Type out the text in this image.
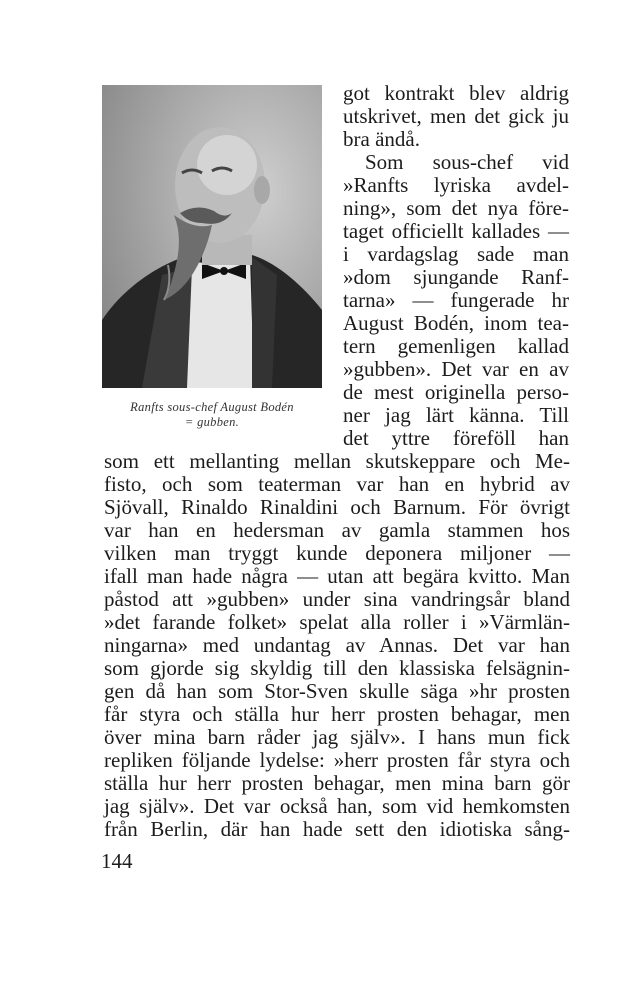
Ranfts sous-chef August Bodén
= gubben.
got kontrakt blev aldrig
utskrivet, men det gick ju
bra ändå.
Som sous-chef vid
»Ranfts lyriska avdel-
ning», som det nya före-
taget officiellt kallades —
i vardagslag sade man
»dom sjungande Ranf-
tarna» — fungerade hr
August Bodén, inom tea-
tern gemenligen kallad
»gubben». Det var en av
de mest originella perso-
ner jag lärt känna. Till
det yttre föreföll han
som ett mellanting mellan skutskeppare och Me-
fisto, och som teaterman var han en hybrid av
Sjövall, Rinaldo Rinaldini och Barnum. För övrigt
var han en hedersman av gamla stammen hos
vilken man tryggt kunde deponera miljoner —
ifall man hade några — utan att begära kvitto. Man
påstod att »gubben» under sina vandringsår bland
»det farande folket» spelat alla roller i »Värmlän-
ningarna» med undantag av Annas. Det var han
som gjorde sig skyldig till den klassiska felsägnin-
gen då han som Stor-Sven skulle säga »hr prosten
får styra och ställa hur herr prosten behagar, men
över mina barn råder jag själv». I hans mun fick
repliken följande lydelse: »herr prosten får styra och
ställa hur herr prosten behagar, men mina barn gör
jag själv». Det var också han, som vid hemkomsten
från Berlin, där han hade sett den idiotiska sång-
144
